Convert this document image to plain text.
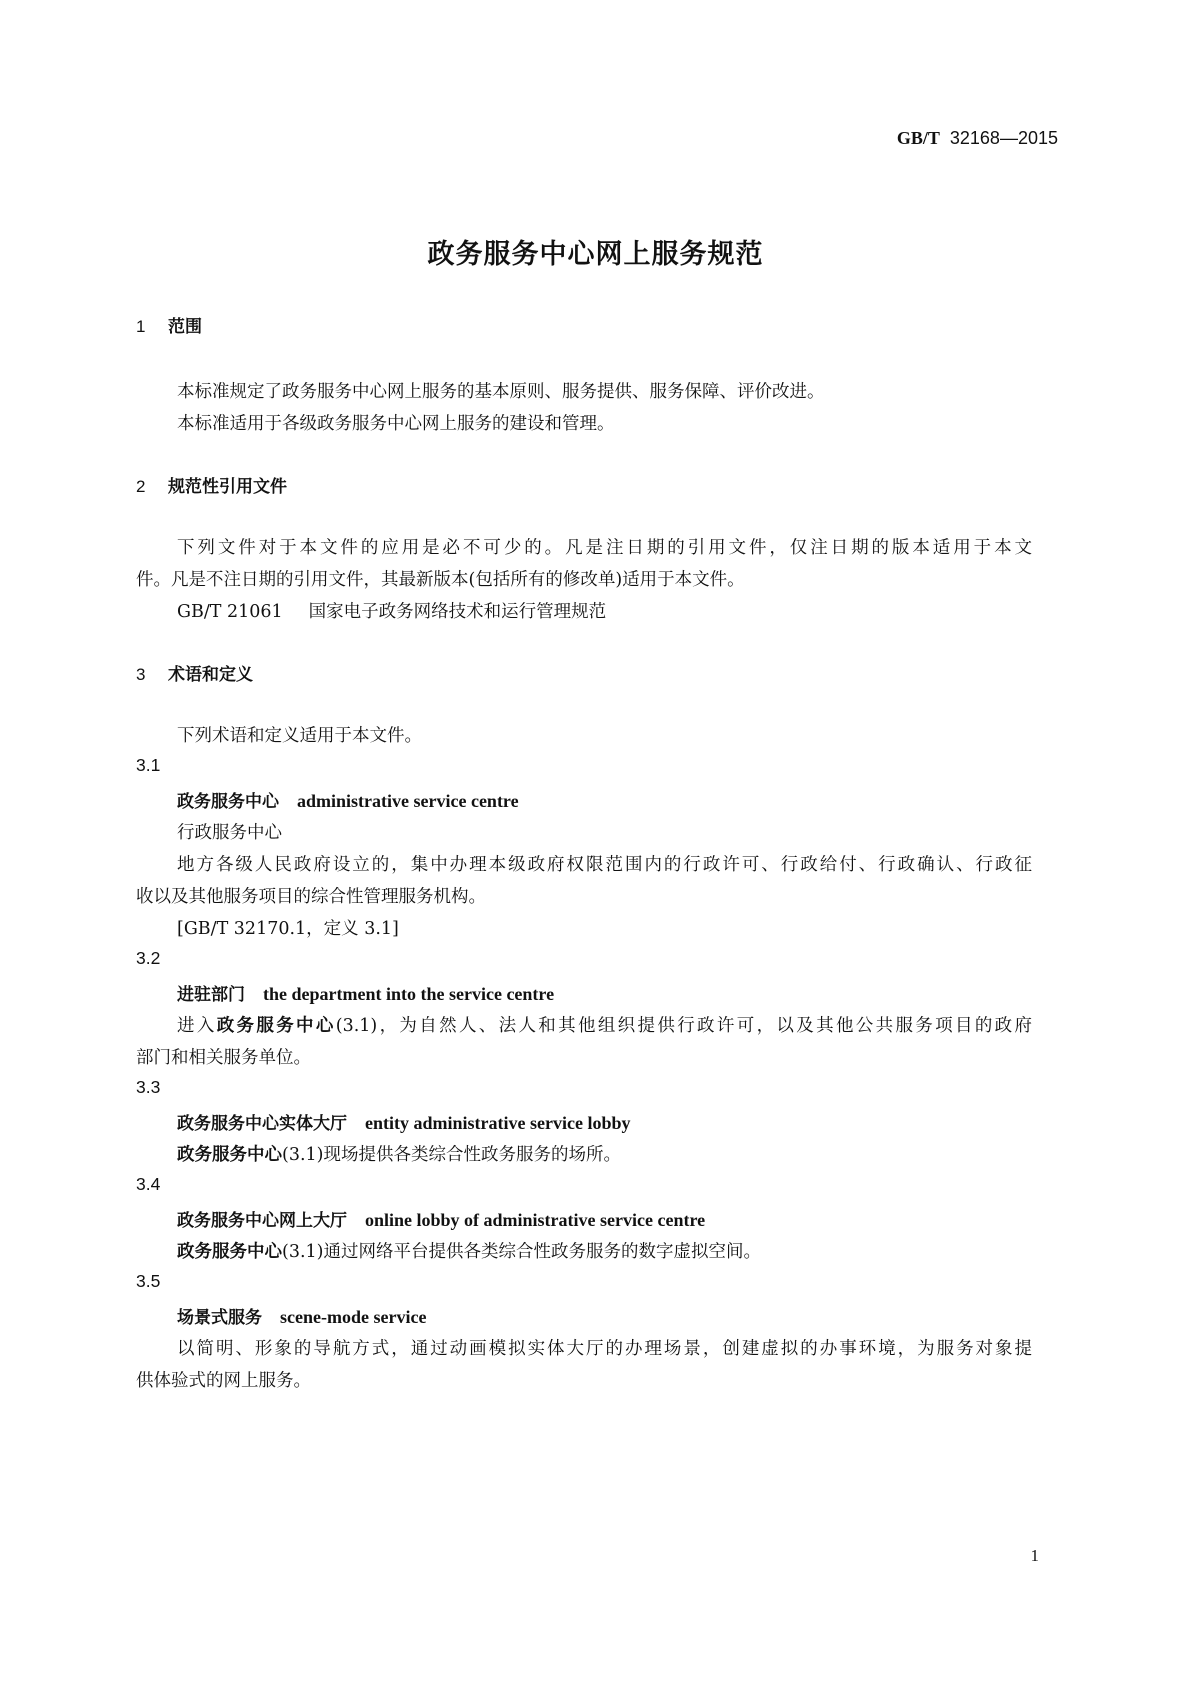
GB/T 32168—2015
政务服务中心网上服务规范
1 范围
本标准规定了政务服务中心网上服务的基本原则、服务提供、服务保障、评价改进。
本标准适用于各级政务服务中心网上服务的建设和管理。
2 规范性引用文件
下列文件对于本文件的应用是必不可少的。凡是注日期的引用文件，仅注日期的版本适用于本文
件。凡是不注日期的引用文件，其最新版本(包括所有的修改单)适用于本文件。
GB/T 21061 国家电子政务网络技术和运行管理规范
3 术语和定义
下列术语和定义适用于本文件。
3.1
政务服务中心 administrative service centre
行政服务中心
地方各级人民政府设立的，集中办理本级政府权限范围内的行政许可、行政给付、行政确认、行政征
收以及其他服务项目的综合性管理服务机构。
[GB/T 32170.1，定义 3.1]
3.2
进驻部门 the department into the service centre
进入政务服务中心(3.1)，为自然人、法人和其他组织提供行政许可，以及其他公共服务项目的政府
部门和相关服务单位。
3.3
政务服务中心实体大厅 entity administrative service lobby
政务服务中心(3.1)现场提供各类综合性政务服务的场所。
3.4
政务服务中心网上大厅 online lobby of administrative service centre
政务服务中心(3.1)通过网络平台提供各类综合性政务服务的数字虚拟空间。
3.5
场景式服务 scene-mode service
以简明、形象的导航方式，通过动画模拟实体大厅的办理场景，创建虚拟的办事环境，为服务对象提
供体验式的网上服务。
1
